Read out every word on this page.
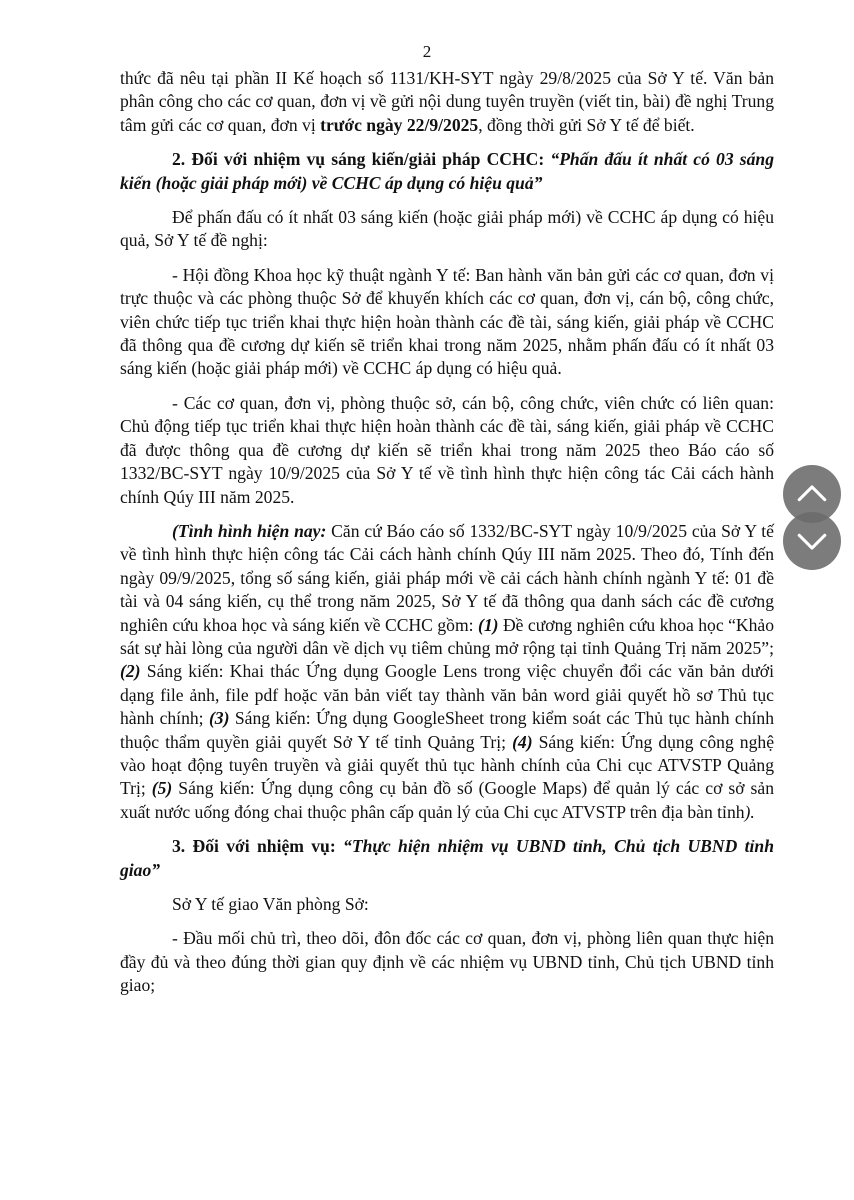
2

thức đã nêu tại phần II Kế hoạch số 1131/KH-SYT ngày 29/8/2025 của Sở Y tế. Văn bản phân công cho các cơ quan, đơn vị về gửi nội dung tuyên truyền (viết tin, bài) đề nghị Trung tâm gửi các cơ quan, đơn vị trước ngày 22/9/2025, đồng thời gửi Sở Y tế để biết.

2. Đối với nhiệm vụ sáng kiến/giải pháp CCHC: “Phấn đấu ít nhất có 03 sáng kiến (hoặc giải pháp mới) về CCHC áp dụng có hiệu quả”

Để phấn đấu có ít nhất 03 sáng kiến (hoặc giải pháp mới) về CCHC áp dụng có hiệu quả, Sở Y tế đề nghị:

- Hội đồng Khoa học kỹ thuật ngành Y tế: Ban hành văn bản gửi các cơ quan, đơn vị trực thuộc và các phòng thuộc Sở để khuyến khích các cơ quan, đơn vị, cán bộ, công chức, viên chức tiếp tục triển khai thực hiện hoàn thành các đề tài, sáng kiến, giải pháp về CCHC đã thông qua đề cương dự kiến sẽ triển khai trong năm 2025, nhằm phấn đấu có ít nhất 03 sáng kiến (hoặc giải pháp mới) về CCHC áp dụng có hiệu quả.

- Các cơ quan, đơn vị, phòng thuộc sở, cán bộ, công chức, viên chức có liên quan: Chủ động tiếp tục triển khai thực hiện hoàn thành các đề tài, sáng kiến, giải pháp về CCHC đã được thông qua đề cương dự kiến sẽ triển khai trong năm 2025 theo Báo cáo số 1332/BC-SYT ngày 10/9/2025 của Sở Y tế về tình hình thực hiện công tác Cải cách hành chính Qúy III năm 2025.

(Tình hình hiện nay: Căn cứ Báo cáo số 1332/BC-SYT ngày 10/9/2025 của Sở Y tế về tình hình thực hiện công tác Cải cách hành chính Qúy III năm 2025. Theo đó, Tính đến ngày 09/9/2025, tổng số sáng kiến, giải pháp mới về cải cách hành chính ngành Y tế: 01 đề tài và 04 sáng kiến, cụ thể trong năm 2025, Sở Y tế đã thông qua danh sách các đề cương nghiên cứu khoa học và sáng kiến về CCHC gồm: (1) Đề cương nghiên cứu khoa học “Khảo sát sự hài lòng của người dân về dịch vụ tiêm chủng mở rộng tại tỉnh Quảng Trị năm 2025”; (2) Sáng kiến: Khai thác Ứng dụng Google Lens trong việc chuyển đổi các văn bản dưới dạng file ảnh, file pdf hoặc văn bản viết tay thành văn bản word giải quyết hồ sơ Thủ tục hành chính; (3) Sáng kiến: Ứng dụng GoogleSheet trong kiểm soát các Thủ tục hành chính thuộc thẩm quyền giải quyết Sở Y tế tỉnh Quảng Trị; (4) Sáng kiến: Ứng dụng công nghệ vào hoạt động tuyên truyền và giải quyết thủ tục hành chính của Chi cục ATVSTP Quảng Trị; (5) Sáng kiến: Ứng dụng công cụ bản đồ số (Google Maps) để quản lý các cơ sở sản xuất nước uống đóng chai thuộc phân cấp quản lý của Chi cục ATVSTP trên địa bàn tỉnh).

3. Đối với nhiệm vụ: “Thực hiện nhiệm vụ UBND tỉnh, Chủ tịch UBND tỉnh giao”

Sở Y tế giao Văn phòng Sở:

- Đầu mối chủ trì, theo dõi, đôn đốc các cơ quan, đơn vị, phòng liên quan thực hiện đầy đủ và theo đúng thời gian quy định về các nhiệm vụ UBND tỉnh, Chủ tịch UBND tỉnh giao;
